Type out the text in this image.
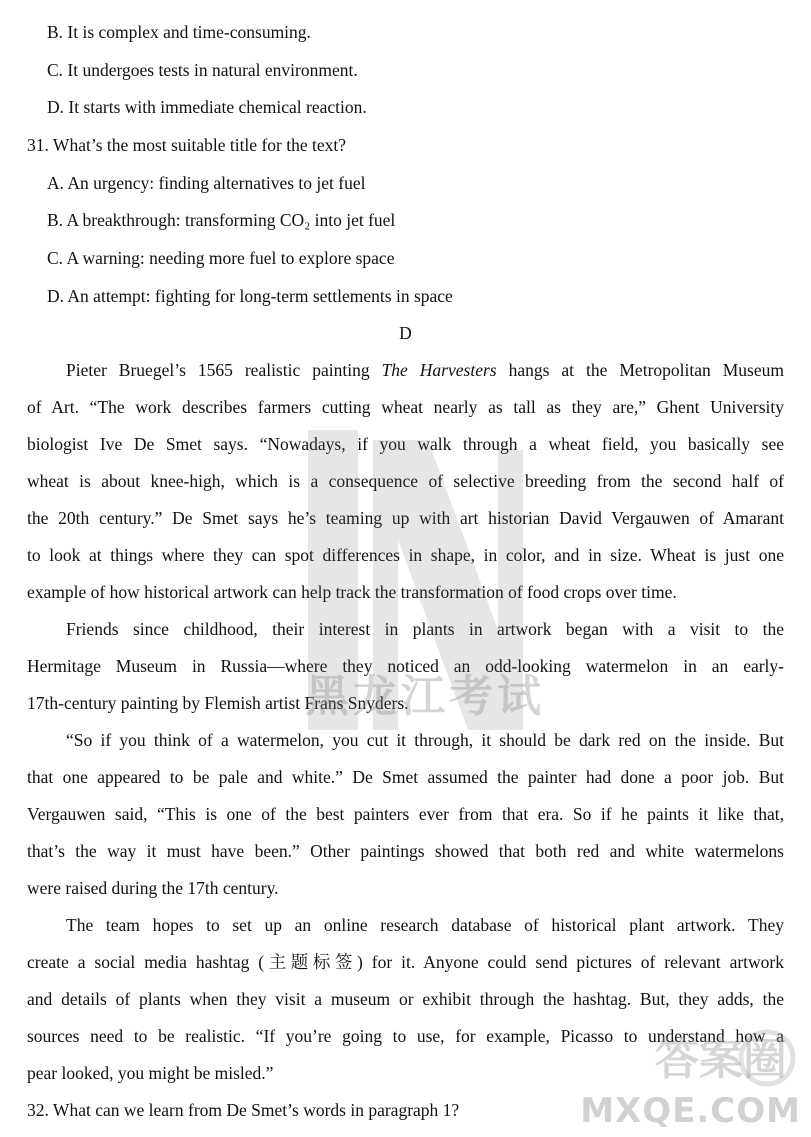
B. It is complex and time-consuming.
C. It undergoes tests in natural environment.
D. It starts with immediate chemical reaction.
31. What’s the most suitable title for the text?
A. An urgency: finding alternatives to jet fuel
B. A breakthrough: transforming CO₂ into jet fuel
C. A warning: needing more fuel to explore space
D. An attempt: fighting for long-term settlements in space
D
Pieter Bruegel’s 1565 realistic painting The Harvesters hangs at the Metropolitan Museum
of Art. “The work describes farmers cutting wheat nearly as tall as they are,” Ghent University
biologist Ive De Smet says. “Nowadays, if you walk through a wheat field, you basically see
wheat is about knee-high, which is a consequence of selective breeding from the second half of
the 20th century.” De Smet says he’s teaming up with art historian David Vergauwen of Amarant
to look at things where they can spot differences in shape, in color, and in size. Wheat is just one
example of how historical artwork can help track the transformation of food crops over time.
Friends since childhood, their interest in plants in artwork began with a visit to the
Hermitage Museum in Russia—where they noticed an odd-looking watermelon in an early-
17th-century painting by Flemish artist Frans Snyders.
“So if you think of a watermelon, you cut it through, it should be dark red on the inside. But
that one appeared to be pale and white.” De Smet assumed the painter had done a poor job. But
Vergauwen said, “This is one of the best painters ever from that era. So if he paints it like that,
that’s the way it must have been.” Other paintings showed that both red and white watermelons
were raised during the 17th century.
The team hopes to set up an online research database of historical plant artwork. They
create a social media hashtag (主题标签) for it. Anyone could send pictures of relevant artwork
and details of plants when they visit a museum or exhibit through the hashtag. But, they adds, the
sources need to be realistic. “If you’re going to use, for example, Picasso to understand how a
pear looked, you might be misled.”
32. What can we learn from De Smet’s words in paragraph 1?
黑龙江考试
答案圈
MXQE.COM
